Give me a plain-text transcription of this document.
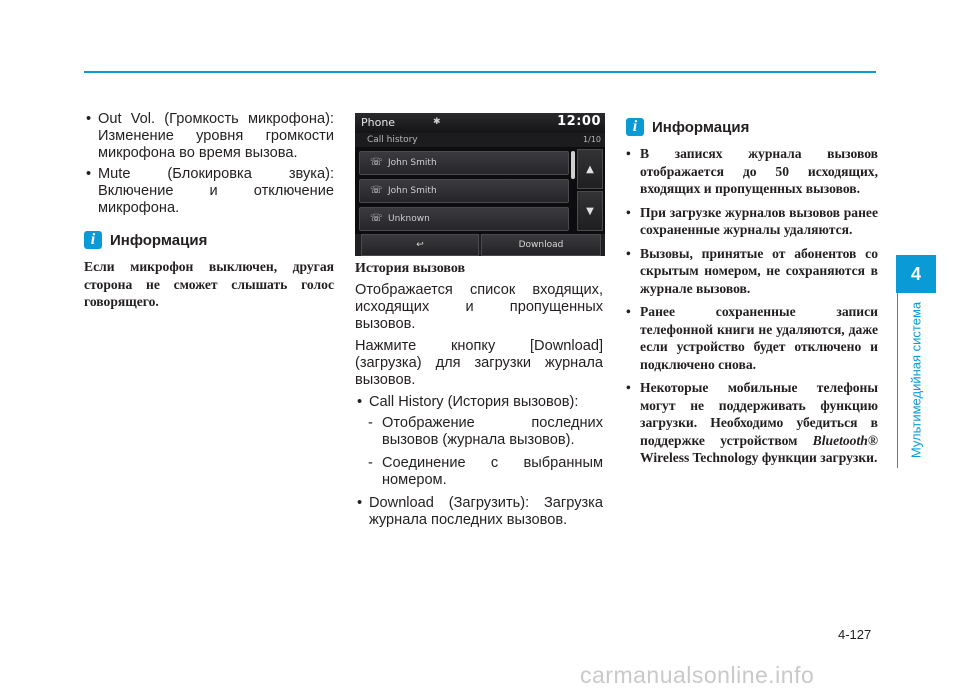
• Out Vol. (Громкость микрофона): Изменение уровня громкости микрофона во время вызова.
• Mute (Блокировка звука): Включение и отключение микрофона.
i Информация
Если микрофон выключен, другая сторона не сможет слышать голос говорящего.
Phone	✱	12:00
Call history	1/10
☏ John Smith
☏ John Smith
☏ Unknown
▲
▼
↩	Download
История вызовов
Отображается список входящих, исходящих и пропущенных вызовов.
Нажмите кнопку [Download] (загрузка) для загрузки журнала вызовов.
• Call History (История вызовов):
- Отображение последних вызовов (журнала вызовов).
- Соединение с выбранным номером.
• Download (Загрузить): Загрузка журнала последних вызовов.
i Информация
• В записях журнала вызовов отображается до 50 исходящих, входящих и пропущенных вызовов.
• При загрузке журналов вызовов ранее сохраненные журналы удаляются.
• Вызовы, принятые от абонентов со скрытым номером, не сохраняются в журнале вызовов.
• Ранее сохраненные записи телефонной книги не удаляются, даже если устройство будет отключено и подключено снова.
• Некоторые мобильные телефоны могут не поддерживать функцию загрузки. Необходимо убедиться в поддержке устройством Bluetooth® Wireless Technology функции загрузки.
4
Мультимедийная система
4-127
carmanualsonline.info
